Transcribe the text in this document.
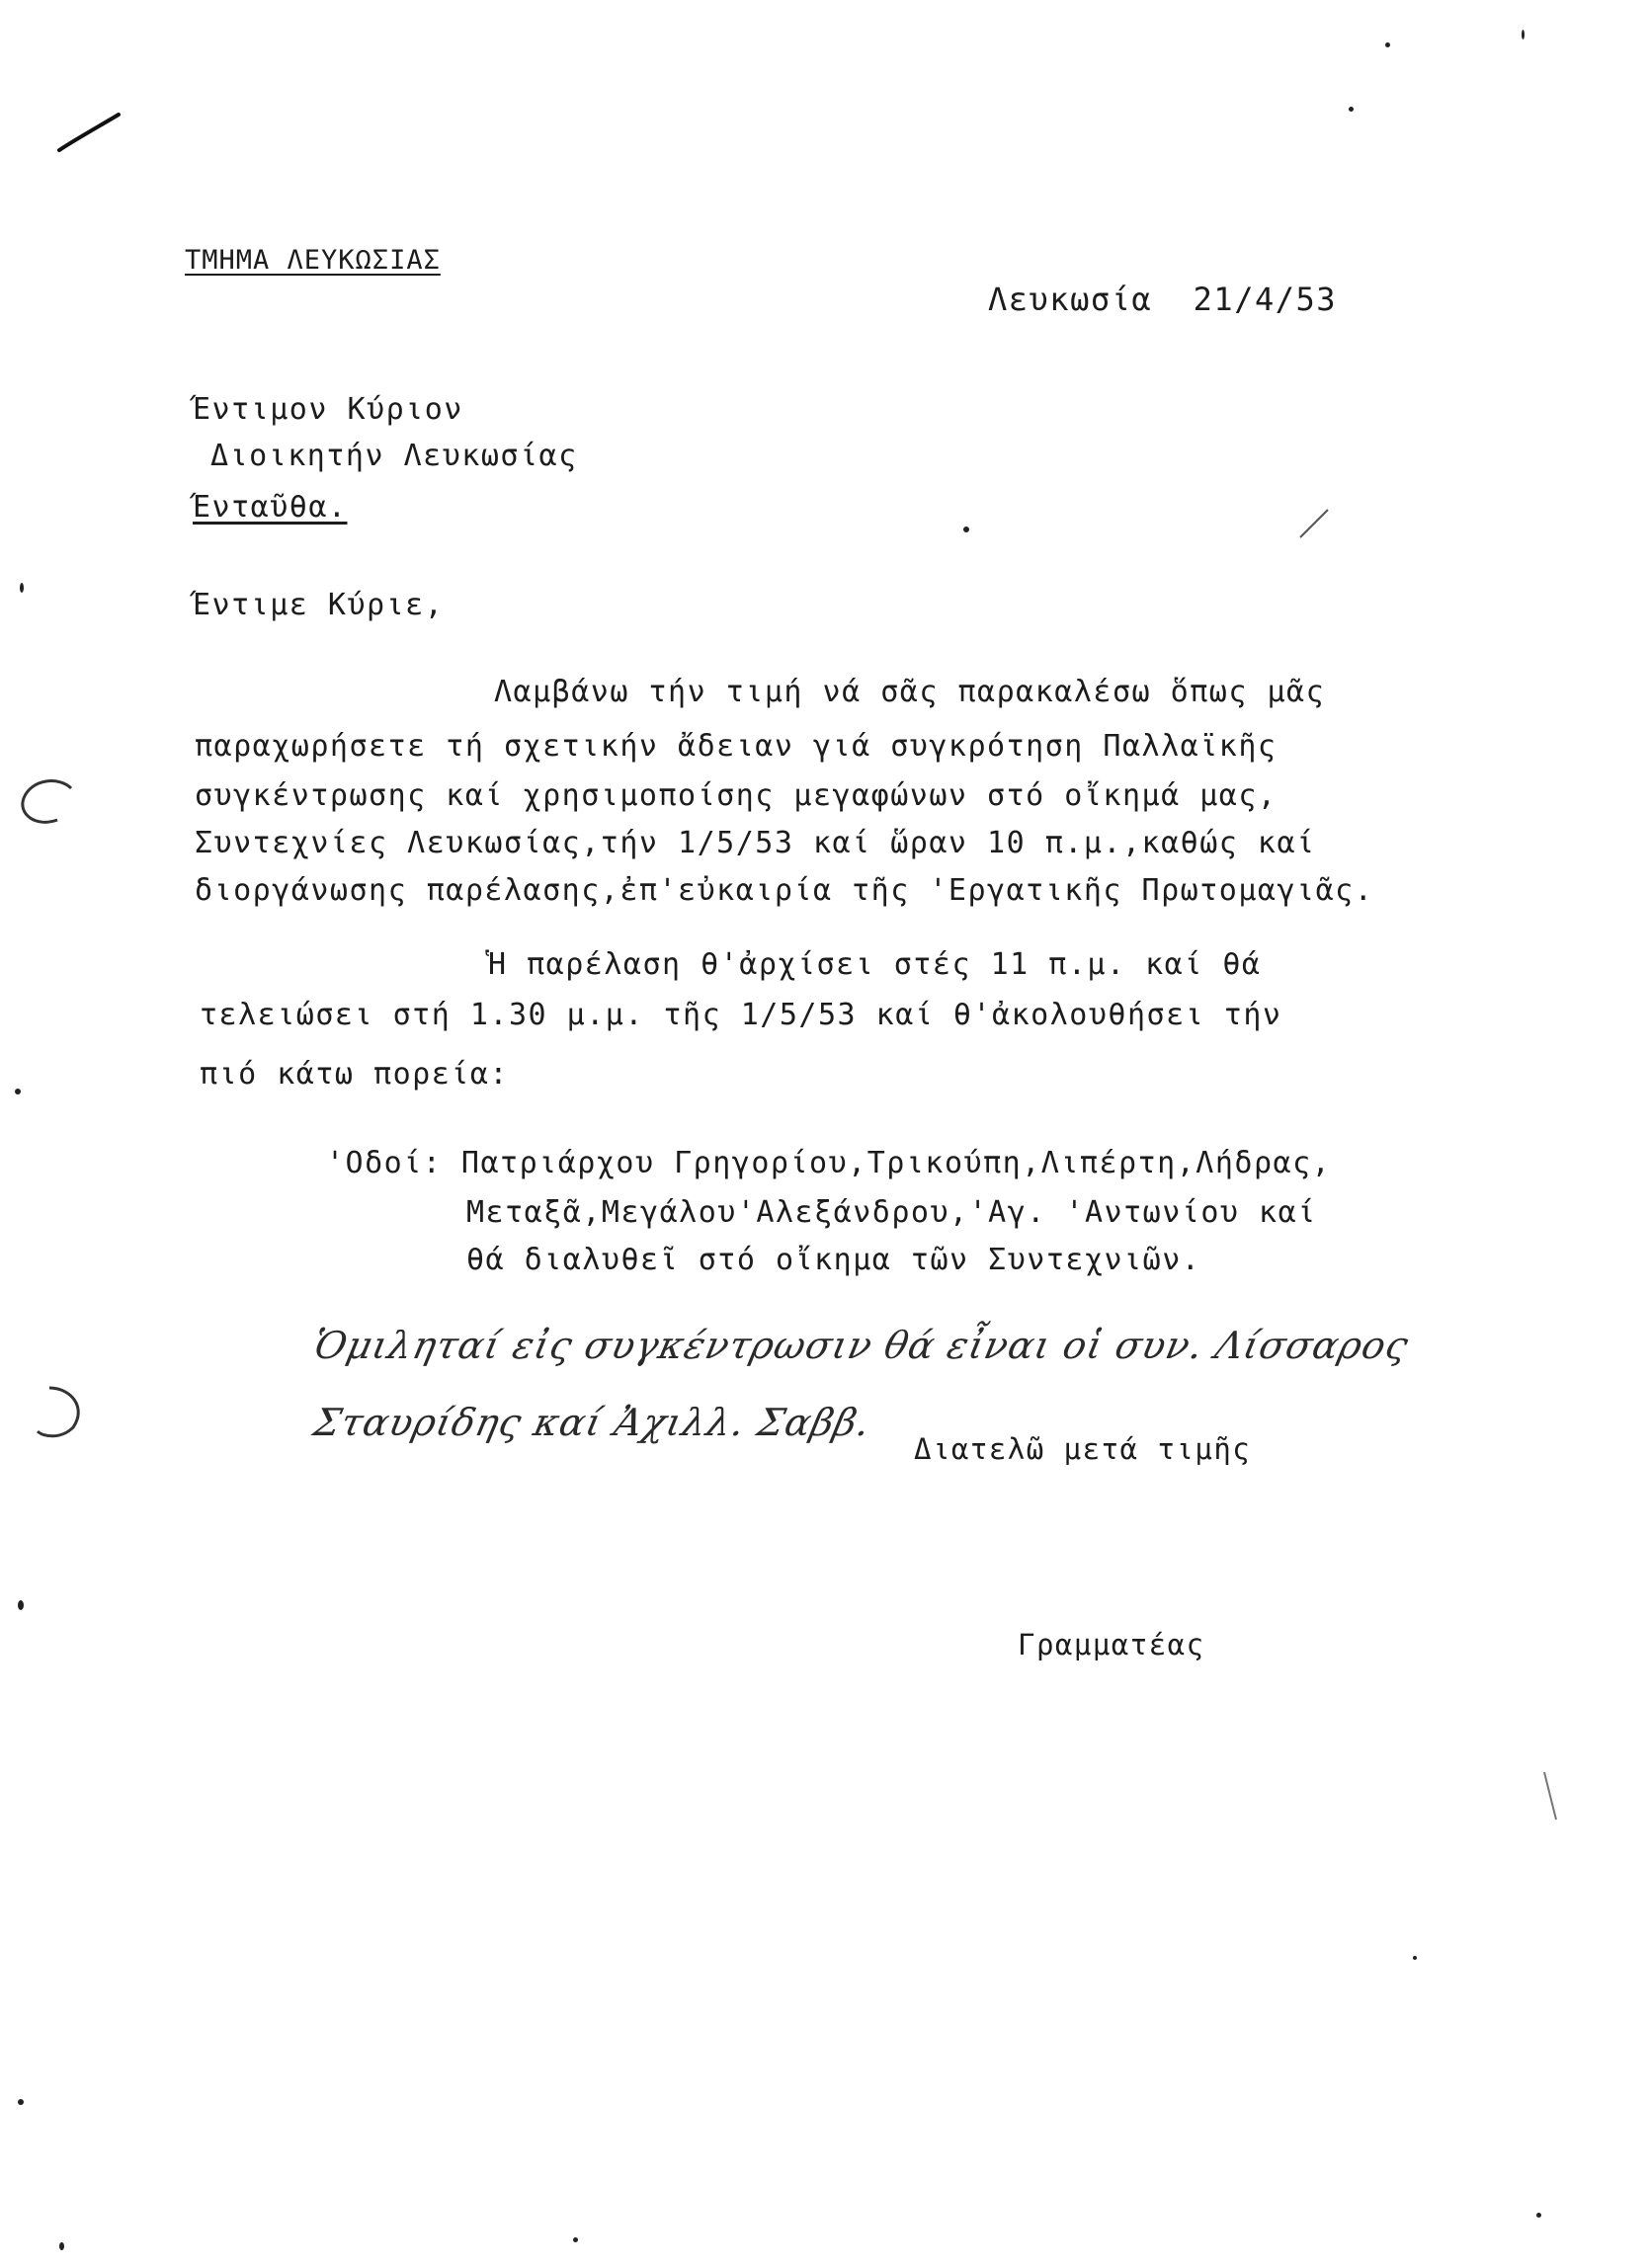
ΤΜΗΜΑ ΛΕΥΚΩΣΙΑΣ
Λευκωσία  21/4/53
Έντιμον Κύριον
Διοικητήν Λευκωσίας
Ένταῦθα.
Έντιμε Κύριε,
Λαμβάνω τήν τιμή νά σᾶς παρακαλέσω ὅπως μᾶς
παραχωρήσετε τή σχετικήν ἄδειαν γιά συγκρότηση Παλλαϊκῆς
συγκέντρωσης καί χρησιμοποίσης μεγαφώνων στό οἴκημά μας,
Συντεχνίες Λευκωσίας,τήν 1/5/53 καί ὥραν 10 π.μ.,καθώς καί
διοργάνωσης παρέλασης,ἐπ'εὐκαιρία τῆς 'Εργατικῆς Πρωτομαγιᾶς.
Ἡ παρέλαση θ'ἀρχίσει στές 11 π.μ. καί θά
τελειώσει στή 1.30 μ.μ. τῆς 1/5/53 καί θ'ἀκολουθήσει τήν
πιό κάτω πορεία:
'Οδοί: Πατριάρχου Γρηγορίου,Τρικούπη,Λιπέρτη,Λήδρας,
Μεταξᾶ,Μεγάλου'Αλεξάνδρου,'Αγ. 'Αντωνίου καί
θά διαλυθεῖ στό οἴκημα τῶν Συντεχνιῶν.
Ὁμιληταί εἰς συγκέντρωσιν θά εἶναι οἱ συν. Λίσσαρος
Σταυρίδης καί Ἀχιλλ. Σαββ.
Διατελῶ μετά τιμῆς
Γραμματέας
